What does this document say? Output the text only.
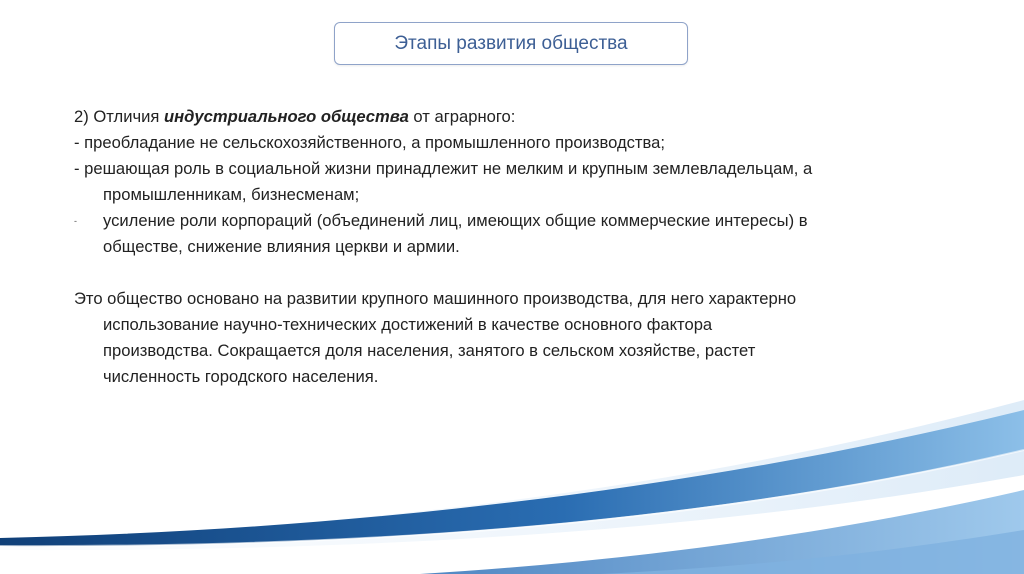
Этапы развития общества
2) Отличия индустриального общества от аграрного:
- преобладание не сельскохозяйственного, а промышленного производства;
- решающая роль в социальной жизни принадлежит не мелким и крупным землевладельцам, а
промышленникам, бизнесменам;
- усиление роли корпораций (объединений лиц, имеющих общие коммерческие интересы) в
обществе, снижение влияния церкви и армии.
Это общество основано на развитии крупного машинного производства, для него характерно
использование научно-технических достижений в качестве основного фактора
производства. Сокращается доля населения, занятого в сельском хозяйстве, растет
численность городского населения.
